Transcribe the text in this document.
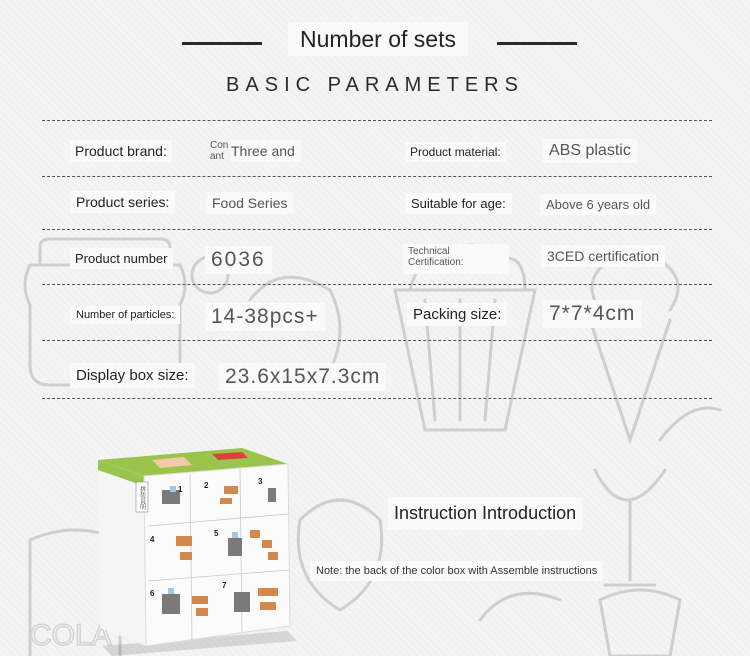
COLA
Number of sets
BASIC PARAMETERS
Product brand:	Con ant Three and	Product material:	ABS plastic
Product series:	Food Series	Suitable for age:	Above 6 years old
Product number 6036	Technical Certification:	3CED certification
Number of particles: 14-38pcs+	Packing size: 7*7*4cm
Display box size: 23.6x15x7.3cm
1	2	3
4
5
6
7
拼装说明
Instruction Introduction
Note: the back of the color box with Assemble instructions
